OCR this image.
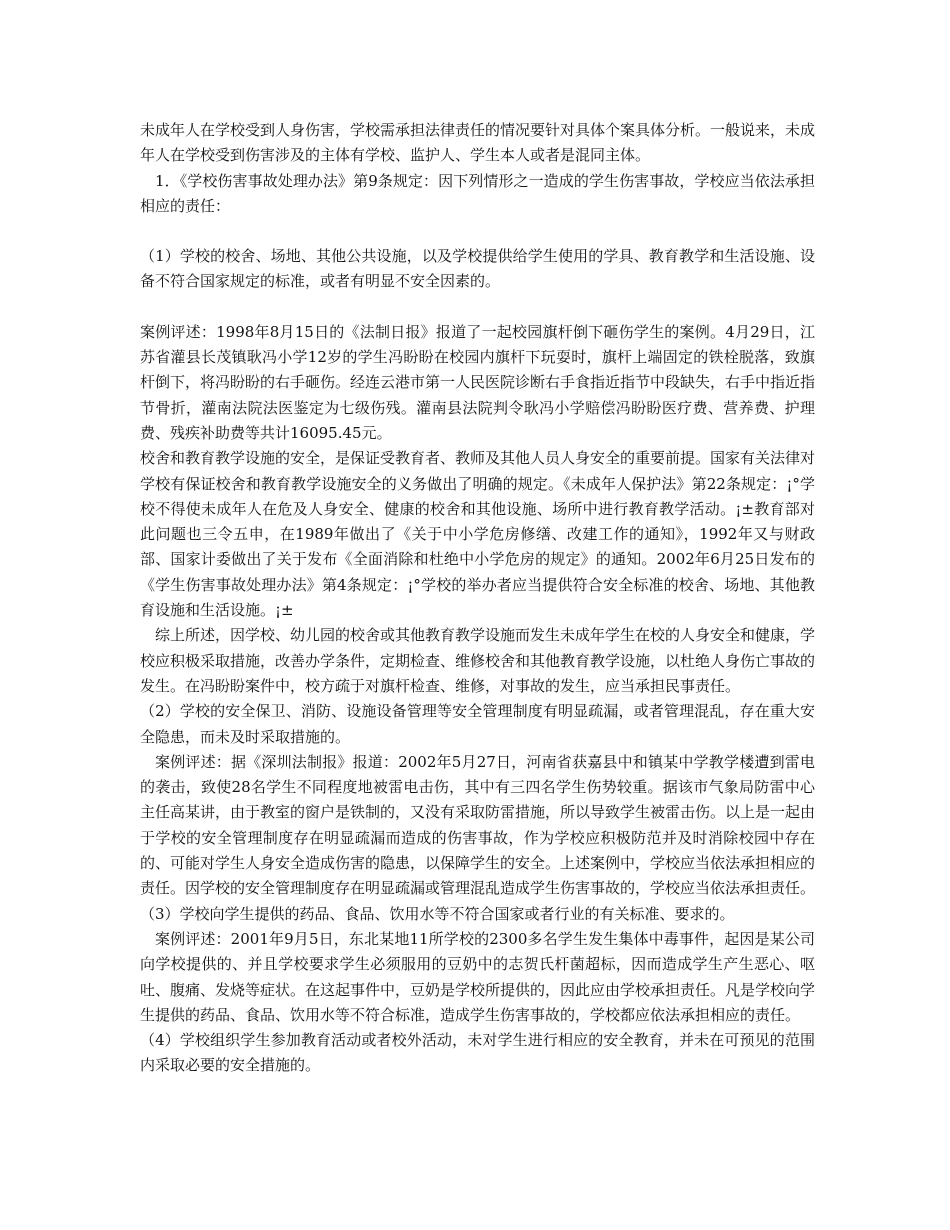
未成年人在学校受到人身伤害，学校需承担法律责任的情况要针对具体个案具体分析。一般说来，未成年人在学校受到伤害涉及的主体有学校、监护人、学生本人或者是混同主体。

1．《学校伤害事故处理办法》第9条规定：因下列情形之一造成的学生伤害事故，学校应当依法承担相应的责任：

（1）学校的校舍、场地、其他公共设施，以及学校提供给学生使用的学具、教育教学和生活设施、设备不符合国家规定的标准，或者有明显不安全因素的。

案例评述：1998年8月15日的《法制日报》报道了一起校园旗杆倒下砸伤学生的案例。4月29日，江苏省灌县长茂镇耿冯小学12岁的学生冯盼盼在校园内旗杆下玩耍时，旗杆上端固定的铁栓脱落，致旗杆倒下，将冯盼盼的右手砸伤。经连云港市第一人民医院诊断右手食指近指节中段缺失，右手中指近指节骨折，灌南法院法医鉴定为七级伤残。灌南县法院判令耿冯小学赔偿冯盼盼医疗费、营养费、护理费、残疾补助费等共计16095.45元。

校舍和教育教学设施的安全，是保证受教育者、教师及其他人员人身安全的重要前提。国家有关法律对学校有保证校舍和教育教学设施安全的义务做出了明确的规定。《未成年人保护法》第22条规定：¡°学校不得使未成年人在危及人身安全、健康的校舍和其他设施、场所中进行教育教学活动。¡±教育部对此问题也三令五申，在1989年做出了《关于中小学危房修缮、改建工作的通知》，1992年又与财政部、国家计委做出了关于发布《全面消除和杜绝中小学危房的规定》的通知。2002年6月25日发布的《学生伤害事故处理办法》第4条规定：¡°学校的举办者应当提供符合安全标准的校舍、场地、其他教育设施和生活设施。¡±

综上所述，因学校、幼儿园的校舍或其他教育教学设施而发生未成年学生在校的人身安全和健康，学校应积极采取措施，改善办学条件，定期检查、维修校舍和其他教育教学设施，以杜绝人身伤亡事故的发生。在冯盼盼案件中，校方疏于对旗杆检查、维修，对事故的发生，应当承担民事责任。

（2）学校的安全保卫、消防、设施设备管理等安全管理制度有明显疏漏，或者管理混乱，存在重大安全隐患，而未及时采取措施的。

案例评述：据《深圳法制报》报道：2002年5月27日，河南省获嘉县中和镇某中学教学楼遭到雷电的袭击，致使28名学生不同程度地被雷电击伤，其中有三四名学生伤势较重。据该市气象局防雷中心主任高某讲，由于教室的窗户是铁制的，又没有采取防雷措施，所以导致学生被雷击伤。以上是一起由于学校的安全管理制度存在明显疏漏而造成的伤害事故，作为学校应积极防范并及时消除校园中存在的、可能对学生人身安全造成伤害的隐患，以保障学生的安全。上述案例中，学校应当依法承担相应的责任。因学校的安全管理制度存在明显疏漏或管理混乱造成学生伤害事故的，学校应当依法承担责任。

（3）学校向学生提供的药品、食品、饮用水等不符合国家或者行业的有关标准、要求的。

案例评述：2001年9月5日，东北某地11所学校的2300多名学生发生集体中毒事件，起因是某公司向学校提供的、并且学校要求学生必须服用的豆奶中的志贺氏杆菌超标，因而造成学生产生恶心、呕吐、腹痛、发烧等症状。在这起事件中，豆奶是学校所提供的，因此应由学校承担责任。凡是学校向学生提供的药品、食品、饮用水等不符合标准，造成学生伤害事故的，学校都应依法承担相应的责任。

（4）学校组织学生参加教育活动或者校外活动，未对学生进行相应的安全教育，并未在可预见的范围内采取必要的安全措施的。
